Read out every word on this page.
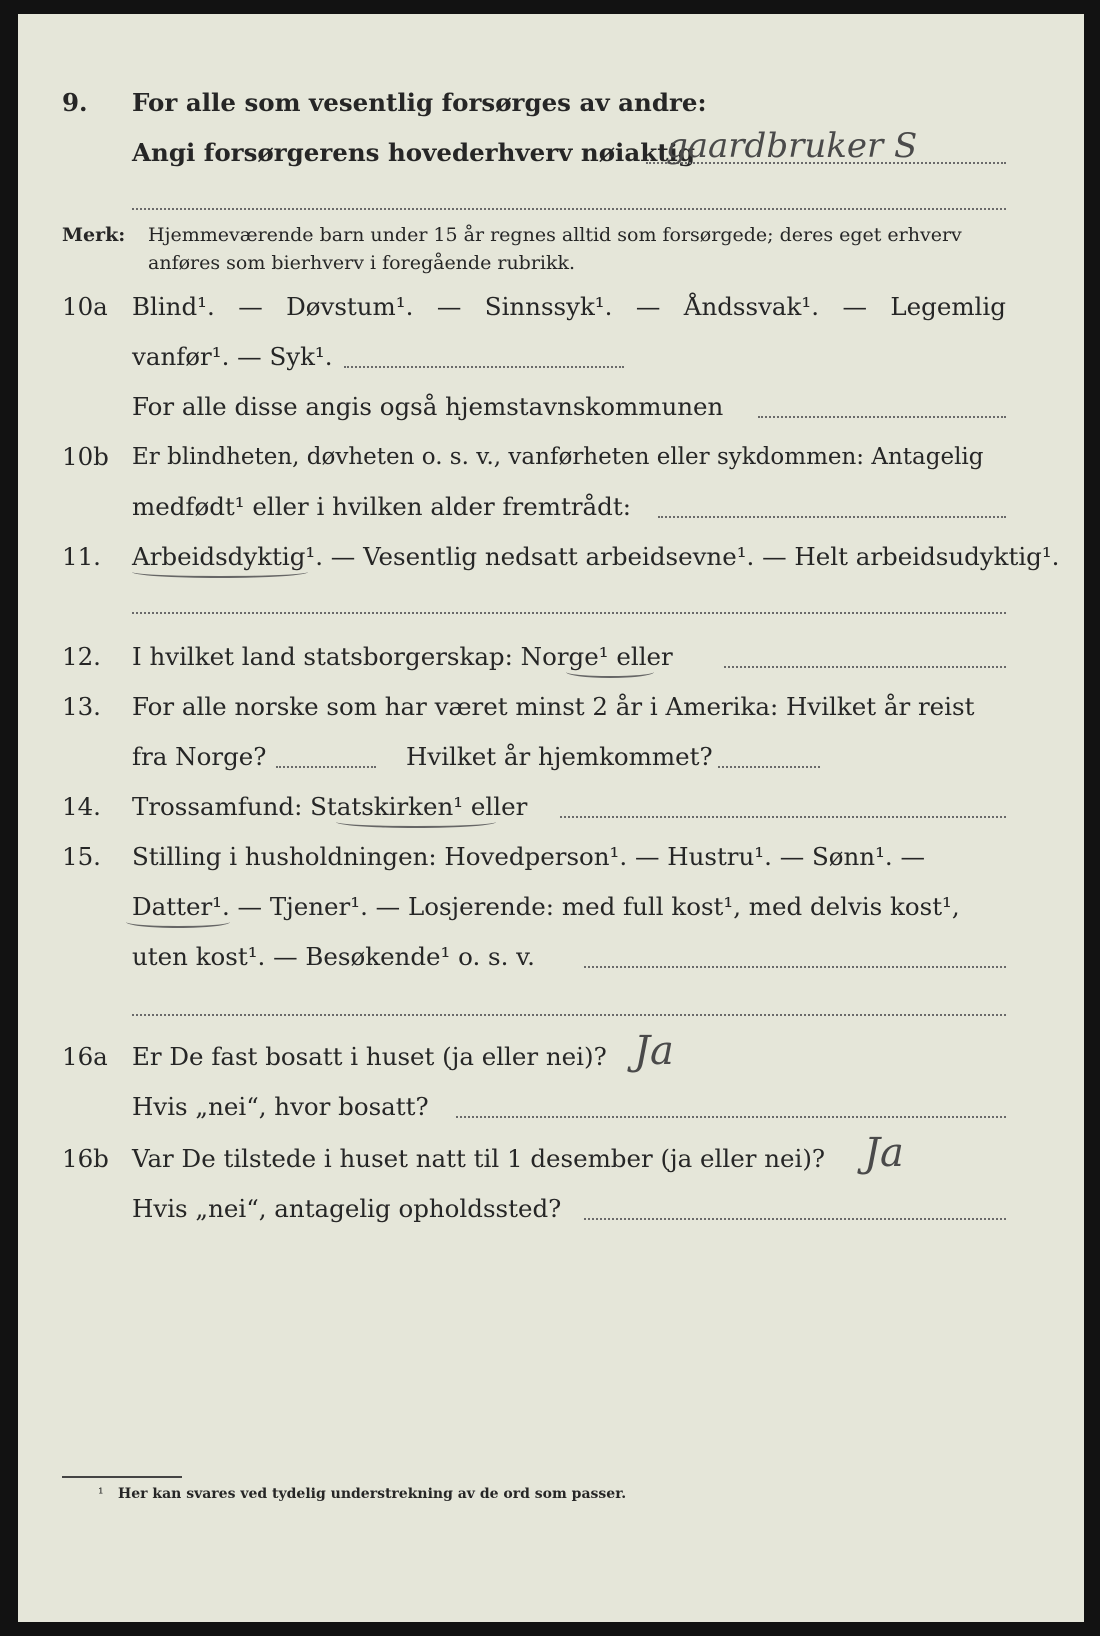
9. For alle som vesentlig forsørges av andre:
Angi forsørgerens hovederhverv nøiaktig
gaardbruker S
Merk: Hjemmeværende barn under 15 år regnes alltid som forsørgede; deres eget erhverv
anføres som bierhverv i foregående rubrikk.
10a Blind¹. — Døvstum¹. — Sinnssyk¹. — Åndssvak¹. — Legemlig
vanfør¹. — Syk¹.
For alle disse angis også hjemstavnskommunen
10b Er blindheten, døvheten o. s. v., vanførheten eller sykdommen: Antagelig
medfødt¹ eller i hvilken alder fremtrådt:
11. Arbeidsdyktig¹. — Vesentlig nedsatt arbeidsevne¹. — Helt arbeidsudyktig¹.
12. I hvilket land statsborgerskap: Norge¹ eller
13. For alle norske som har været minst 2 år i Amerika: Hvilket år reist
fra Norge?	Hvilket år hjemkommet?
14. Trossamfund: Statskirken¹ eller
15. Stilling i husholdningen: Hovedperson¹. — Hustru¹. — Sønn¹. —
Datter¹. — Tjener¹. — Losjerende: med full kost¹, med delvis kost¹,
uten kost¹. — Besøkende¹ o. s. v.
16a Er De fast bosatt i huset (ja eller nei)? Ja
Hvis „nei“, hvor bosatt?
16b Var De tilstede i huset natt til 1 desember (ja eller nei)? Ja
Hvis „nei“, antagelig opholdssted?
¹ Her kan svares ved tydelig understrekning av de ord som passer.
